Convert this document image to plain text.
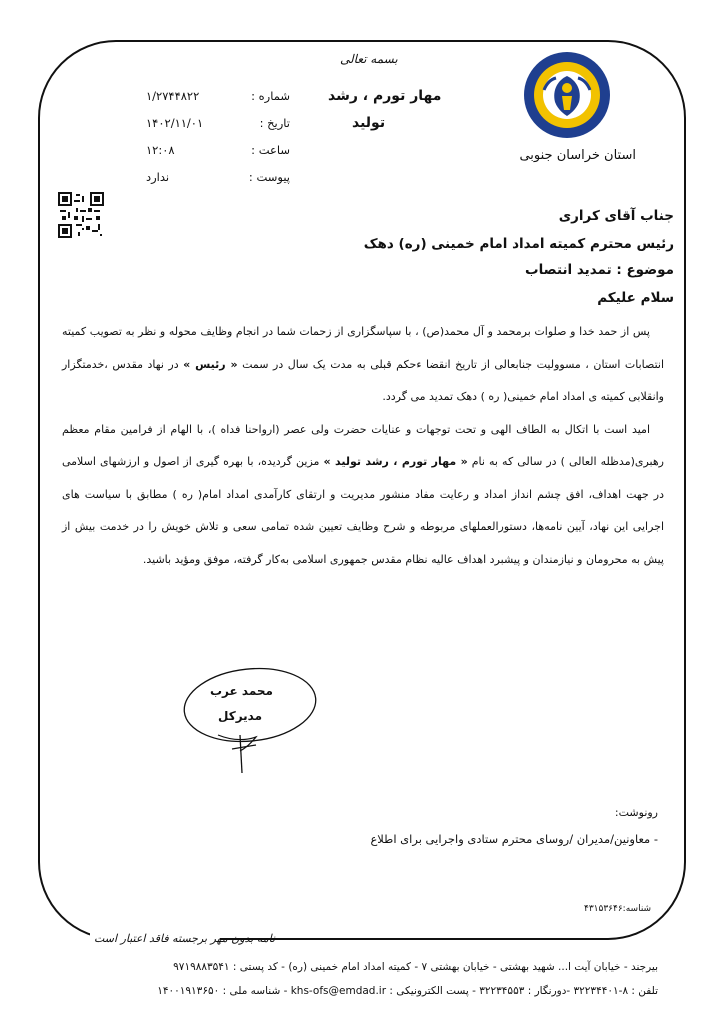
استان خراسان جنوبی
بسمه تعالی
مهار تورم ، رشد
تولید
شماره :
۱/۲۷۴۴۸۲۲
تاریخ :
۱۴۰۲/۱۱/۰۱
ساعت :
۱۲:۰۸
پیوست :
ندارد
جناب آقای کراری
رئیس محترم کمیته امداد امام خمینی (ره) دهک
موضوع : تمدید انتصاب
سلام علیکم

پس از حمد خدا و صلوات برمحمد و آل محمد(ص) ، با سپاسگزاری از زحمات شما در انجام وظایف محوله و نظر به تصویب کمیته انتصابات استان ، مسوولیت جنابعالی از تاریخ انقضا ءحکم قبلی به مدت یک سال در سمت « رئیس » در نهاد مقدس ،خدمتگزار وانقلابی کمیته ی امداد امام خمینی( ره ) دهک تمدید می گردد.

امید است با اتکال به الطاف الهی و تحت توجهات و عنایات حضرت ولی عصر (ارواحنا فداه )، با الهام از فرامین مقام معظم رهبری(مدظله العالی ) در سالی که به نام « مهار تورم ، رشد تولید » مزین گردیده، با بهره گیری از اصول و ارزشهای اسلامی در جهت اهداف، افق چشم انداز امداد و رعایت مفاد منشور مدیریت و ارتقای کارآمدی امداد امام( ره ) مطابق با سیاست های اجرایی این نهاد، آیین نامه‌ها، دستورالعملهای مربوطه و شرح وظایف تعیین شده تمامی سعی و تلاش خویش را در خدمت بیش از پیش به محرومان و نیازمندان و پیشبرد اهداف عالیه نظام مقدس جمهوری اسلامی به‌کار گرفته، موفق ومؤید باشید.

محمد عرب
مدیرکل
رونوشت:
- معاونین/مدیران /روسای محترم ستادی واجرایی برای اطلاع
شناسه:۴۳۱۵۳۶۴۶
نامه بدون مهر برجسته فاقد اعتبار است
بیرجند - خیابان آیت ا... شهید بهشتی - خیابان بهشتی ۷ - کمیته امداد امام خمینی (ره) - کد پستی : ۹۷۱۹۸۸۳۵۴۱
تلفن : ۸-۳۲۲۳۴۴۰۱ -دورنگار : ۳۲۲۳۴۵۵۳ - پست الکترونیکی : khs-ofs@emdad.ir - شناسه ملی : ۱۴۰۰۱۹۱۳۶۵۰
